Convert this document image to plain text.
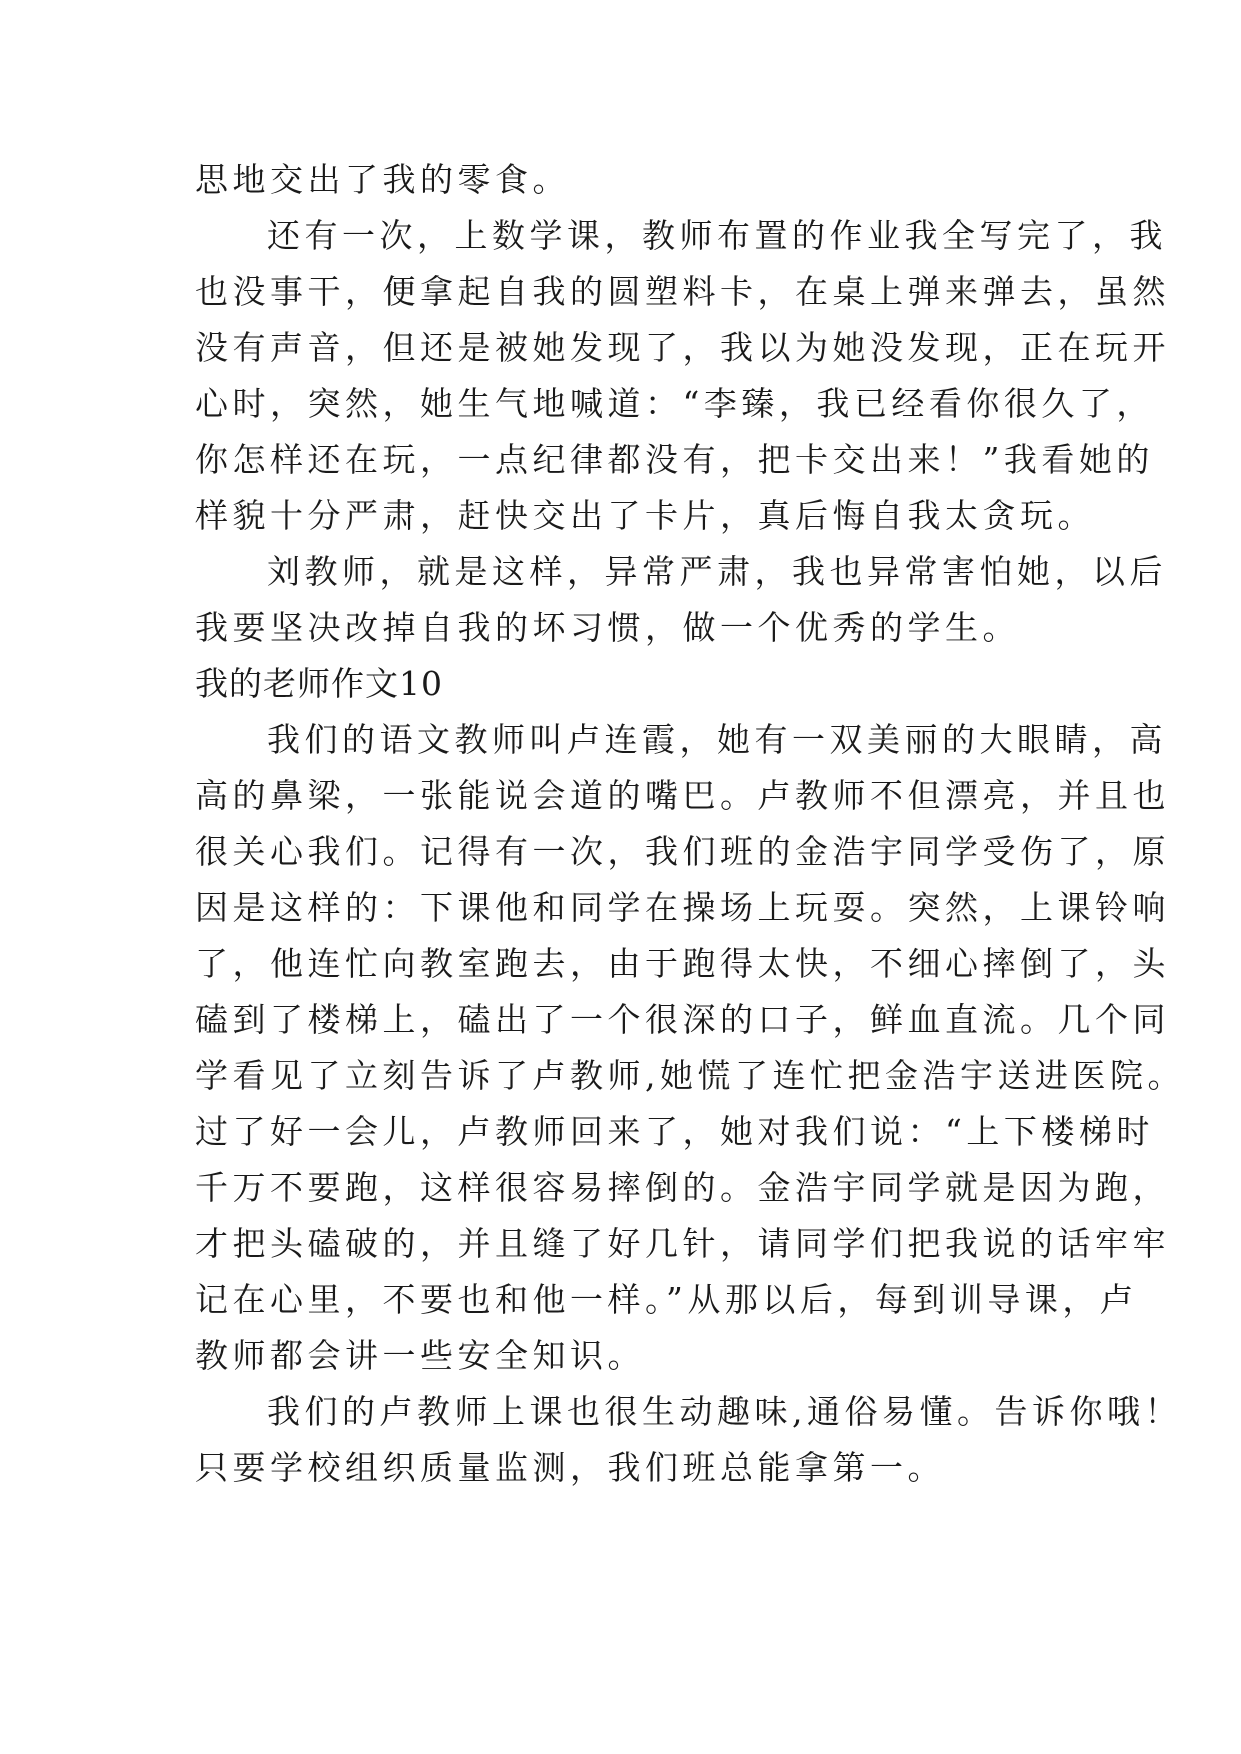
思地交出了我的零食。
还有一次，上数学课，教师布置的作业我全写完了，我
也没事干，便拿起自我的圆塑料卡，在桌上弹来弹去，虽然
没有声音，但还是被她发现了，我以为她没发现，正在玩开
心时，突然，她生气地喊道：“李臻，我已经看你很久了，
你怎样还在玩，一点纪律都没有，把卡交出来！”我看她的
样貌十分严肃，赶快交出了卡片，真后悔自我太贪玩。
刘教师，就是这样，异常严肃，我也异常害怕她，以后
我要坚决改掉自我的坏习惯，做一个优秀的学生。
我的老师作文10
我们的语文教师叫卢连霞，她有一双美丽的大眼睛，高
高的鼻梁，一张能说会道的嘴巴。卢教师不但漂亮，并且也
很关心我们。记得有一次，我们班的金浩宇同学受伤了，原
因是这样的：下课他和同学在操场上玩耍。突然，上课铃响
了，他连忙向教室跑去，由于跑得太快，不细心摔倒了，头
磕到了楼梯上，磕出了一个很深的口子，鲜血直流。几个同
学看见了立刻告诉了卢教师,她慌了连忙把金浩宇送进医院。
过了好一会儿，卢教师回来了，她对我们说：“上下楼梯时
千万不要跑，这样很容易摔倒的。金浩宇同学就是因为跑，
才把头磕破的，并且缝了好几针，请同学们把我说的话牢牢
记在心里，不要也和他一样。”从那以后，每到训导课，卢
教师都会讲一些安全知识。
我们的卢教师上课也很生动趣味,通俗易懂。告诉你哦！
只要学校组织质量监测，我们班总能拿第一。
